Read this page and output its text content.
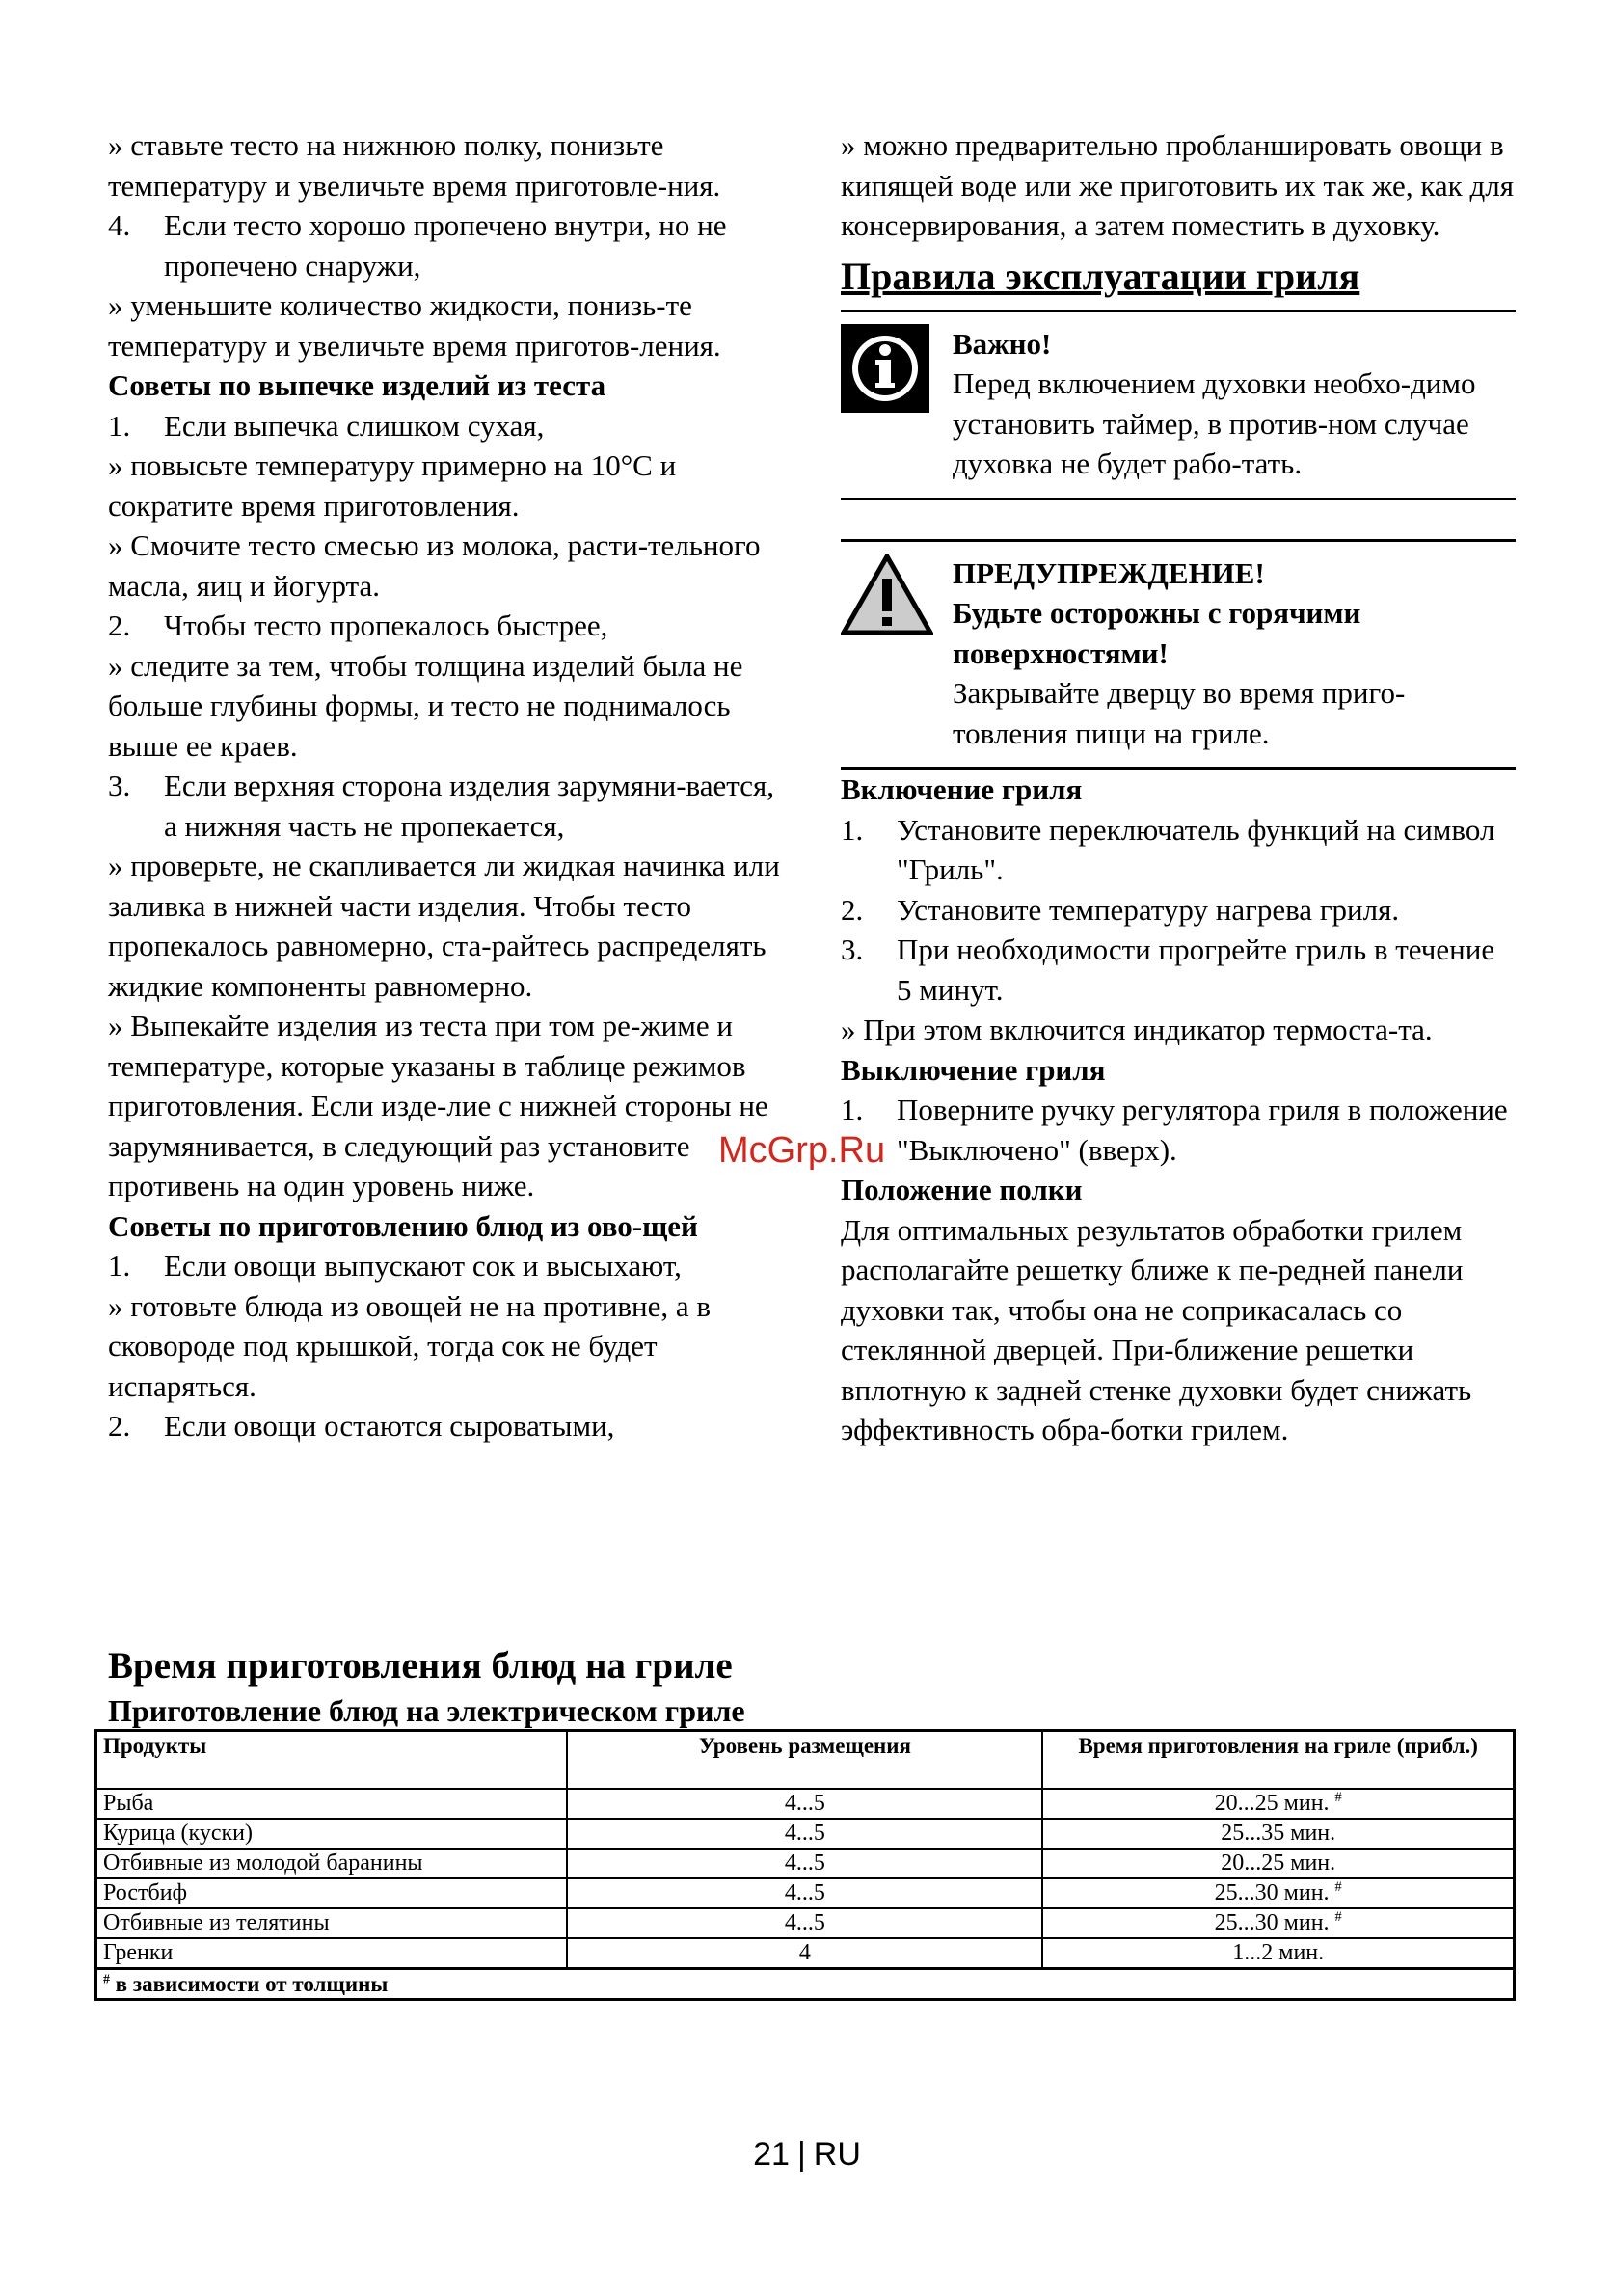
» ставьте тесто на нижнюю полку, понизьте температуру и увеличьте время приготовле-ния.

4.	Если тесто хорошо пропечено внутри, но не пропечено снаружи,

» уменьшите количество жидкости, понизь-те температуру и увеличьте время приготов-ления.

Советы по выпечке изделий из теста

1.	Если выпечка слишком сухая,

» повысьте температуру примерно на 10°C и сократите время приготовления.

» Смочите тесто смесью из молока, расти-тельного масла, яиц и йогурта.

2.	Чтобы тесто пропекалось быстрее,

» следите за тем, чтобы толщина изделий была не больше глубины формы, и тесто не поднималось выше ее краев.

3.	Если верхняя сторона изделия зарумяни-вается, а нижняя часть не пропекается,

» проверьте, не скапливается ли жидкая начинка или заливка в нижней части изделия. Чтобы тесто пропекалось равномерно, ста-райтесь распределять жидкие компоненты равномерно.

» Выпекайте изделия из теста при том ре-жиме и температуре, которые указаны в таблице режимов приготовления. Если изде-лие с нижней стороны не зарумянивается, в следующий раз установите противень на один уровень ниже.

Советы по приготовлению блюд из ово-щей

1.	Если овощи выпускают сок и высыхают,

» готовьте блюда из овощей не на противне, а в сковороде под крышкой, тогда сок не будет испаряться.

2.	Если овощи остаются сыроватыми,

» можно предварительно пробланшировать овощи в кипящей воде или же приготовить их так же, как для консервирования, а затем поместить в духовку.

Правила эксплуатации гриля

Важно!

Перед включением духовки необхо-димо установить таймер, в против-ном случае духовка не будет рабо-тать.

ПРЕДУПРЕЖДЕНИЕ!

Будьте осторожны с горячими поверхностями!

Закрывайте дверцу во время приго-товления пищи на гриле.

Включение гриля

1.	Установите переключатель функций на символ "Гриль".
2.	Установите температуру нагрева гриля.
3.	При необходимости прогрейте гриль в течение 5 минут.

» При этом включится индикатор термоста-та.

Выключение гриля

1.	Поверните ручку регулятора гриля в положение "Выключено" (вверх).

Положение полки

Для оптимальных результатов обработки грилем располагайте решетку ближе к пе-редней панели духовки так, чтобы она не соприкасалась со стеклянной дверцей. При-ближение решетки вплотную к задней стенке духовки будет снижать эффективность обра-ботки грилем.

McGrp.Ru
Время приготовления блюд на гриле
Приготовление блюд на электрическом гриле
Продукты	Уровень размещения	Время приготовления на гриле (прибл.)
Рыба	4...5	20...25 мин. #
Курица (куски)	4...5	25...35 мин.
Отбивные из молодой баранины	4...5	20...25 мин.
Ростбиф	4...5	25...30 мин. #
Отбивные из телятины	4...5	25...30 мин. #
Гренки	4	1...2 мин.
# в зависимости от толщины		
21 | RU
